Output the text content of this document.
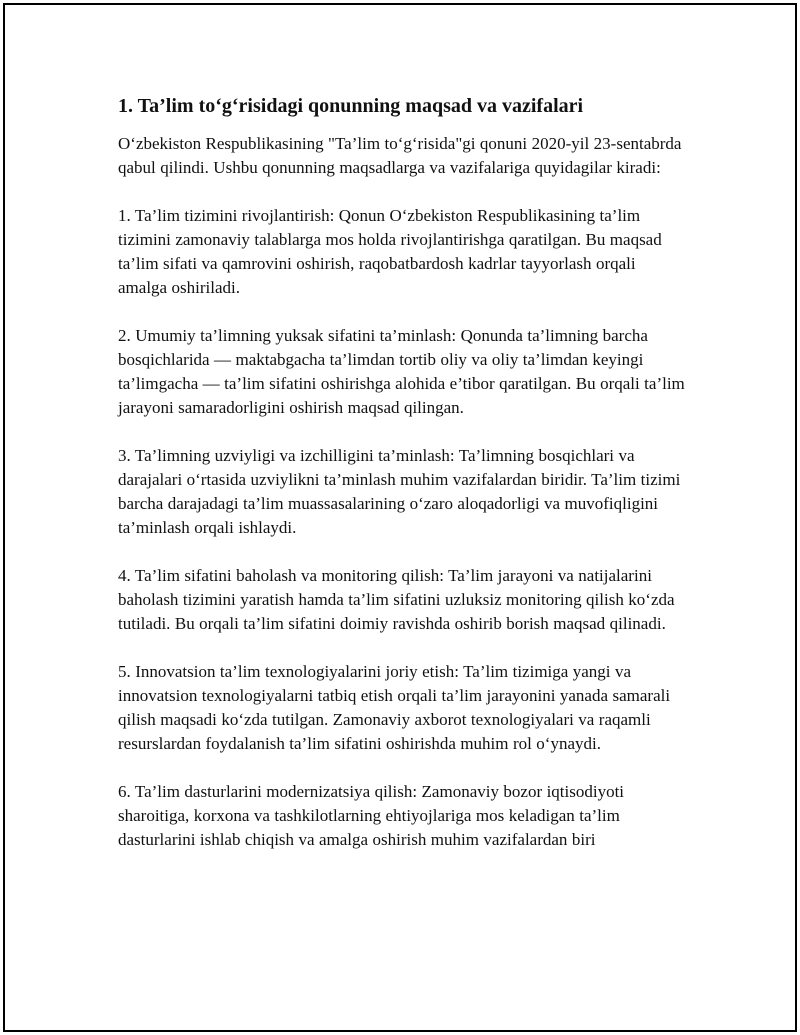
1. Ta’lim to‘g‘risidagi qonunning maqsad va vazifalari

O‘zbekiston Respublikasining "Ta’lim to‘g‘risida"gi qonuni 2020-yil 23-sentabrda qabul qilindi. Ushbu qonunning maqsadlarga va vazifalariga quyidagilar kiradi:

1. Ta’lim tizimini rivojlantirish: Qonun O‘zbekiston Respublikasining ta’lim tizimini zamonaviy talablarga mos holda rivojlantirishga qaratilgan. Bu maqsad ta’lim sifati va qamrovini oshirish, raqobatbardosh kadrlar tayyorlash orqali amalga oshiriladi.

2. Umumiy ta’limning yuksak sifatini ta’minlash: Qonunda ta’limning barcha bosqichlarida — maktabgacha ta’limdan tortib oliy va oliy ta’limdan keyingi ta’limgacha — ta’lim sifatini oshirishga alohida e’tibor qaratilgan. Bu orqali ta’lim jarayoni samaradorligini oshirish maqsad qilingan.

3. Ta’limning uzviyligi va izchilligini ta’minlash: Ta’limning bosqichlari va darajalari o‘rtasida uzviylikni ta’minlash muhim vazifalardan biridir. Ta’lim tizimi barcha darajadagi ta’lim muassasalarining o‘zaro aloqadorligi va muvofiqligini ta’minlash orqali ishlaydi.

4. Ta’lim sifatini baholash va monitoring qilish: Ta’lim jarayoni va natijalarini baholash tizimini yaratish hamda ta’lim sifatini uzluksiz monitoring qilish ko‘zda tutiladi. Bu orqali ta’lim sifatini doimiy ravishda oshirib borish maqsad qilinadi.

5. Innovatsion ta’lim texnologiyalarini joriy etish: Ta’lim tizimiga yangi va innovatsion texnologiyalarni tatbiq etish orqali ta’lim jarayonini yanada samarali qilish maqsadi ko‘zda tutilgan. Zamonaviy axborot texnologiyalari va raqamli resurslardan foydalanish ta’lim sifatini oshirishda muhim rol o‘ynaydi.

6. Ta’lim dasturlarini modernizatsiya qilish: Zamonaviy bozor iqtisodiyoti sharoitiga, korxona va tashkilotlarning ehtiyojlariga mos keladigan ta’lim dasturlarini ishlab chiqish va amalga oshirish muhim vazifalardan biri
